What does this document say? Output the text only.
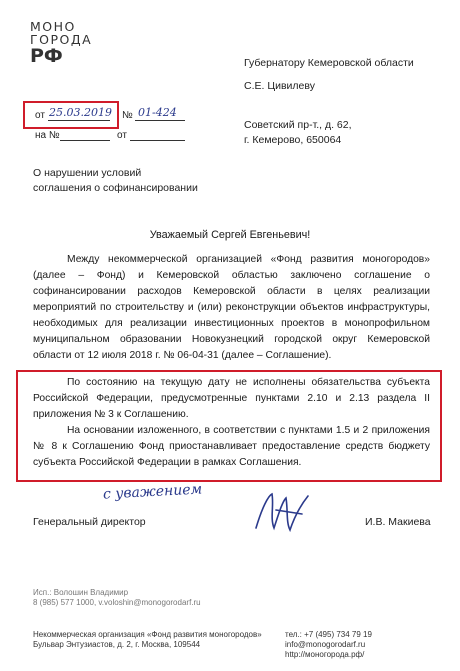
МОНО
ГОРОДА
РФ	Губернатору Кемеровской области
С.Е. Цивилеву
Советский пр-т., д. 62,
г. Кемерово, 650064
от 25.03.2019 № 01-424
на №	от
О нарушении условий
соглашения о софинансировании
Уважаемый Сергей Евгеньевич!
Между некоммерческой организацией «Фонд развития моногородов» (далее – Фонд) и Кемеровской областью заключено соглашение о софинансировании расходов Кемеровской области в целях реализации мероприятий по строительству и (или) реконструкции объектов инфраструктуры, необходимых для реализации инвестиционных проектов в монопрофильном муниципальном образовании Новокузнецкий городской округ Кемеровской области от 12 июля 2018 г. № 06-04-31 (далее – Соглашение).
По состоянию на текущую дату не исполнены обязательства субъекта Российской Федерации, предусмотренные пунктами 2.10 и 2.13 раздела II приложения № 3 к Соглашению.
На основании изложенного, в соответствии с пунктами 1.5 и 2 приложения № 8 к Соглашению Фонд приостанавливает предоставление средств бюджету субъекта Российской Федерации в рамках Соглашения.
с уважением
Генеральный директор	И.В. Макиева
Исп.: Волошин Владимир
8 (985) 577 1000, v.voloshin@monogorodarf.ru
Некоммерческая организация «Фонд развития моногородов»
Бульвар Энтузиастов, д. 2, г. Москва, 109544
тел.: +7 (495) 734 79 19
info@monogorodarf.ru
http://моногорода.рф/
